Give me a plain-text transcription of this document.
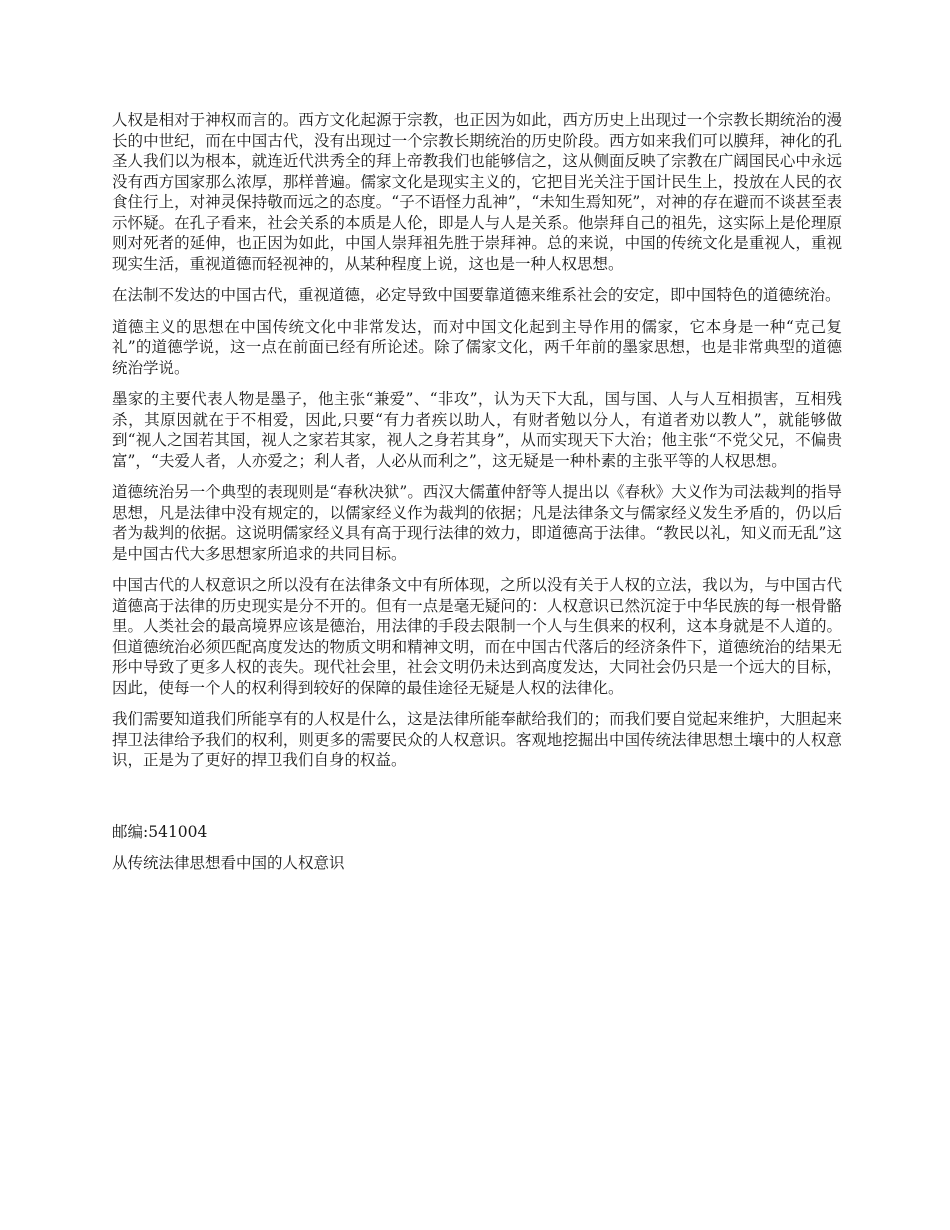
人权是相对于神权而言的。西方文化起源于宗教，也正因为如此，西方历史上出现过一个宗教长期统治的漫长的中世纪，而在中国古代，没有出现过一个宗教长期统治的历史阶段。西方如来我们可以膜拜，神化的孔圣人我们以为根本，就连近代洪秀全的拜上帝教我们也能够信之，这从侧面反映了宗教在广阔国民心中永远没有西方国家那么浓厚，那样普遍。儒家文化是现实主义的，它把目光关注于国计民生上，投放在人民的衣食住行上，对神灵保持敬而远之的态度。“子不语怪力乱神”，“未知生焉知死”，对神的存在避而不谈甚至表示怀疑。在孔子看来，社会关系的本质是人伦，即是人与人是关系。他崇拜自己的祖先，这实际上是伦理原则对死者的延伸，也正因为如此，中国人崇拜祖先胜于崇拜神。总的来说，中国的传统文化是重视人，重视现实生活，重视道德而轻视神的，从某种程度上说，这也是一种人权思想。

在法制不发达的中国古代，重视道德，必定导致中国要靠道德来维系社会的安定，即中国特色的道德统治。

道德主义的思想在中国传统文化中非常发达，而对中国文化起到主导作用的儒家，它本身是一种“克己复礼”的道德学说，这一点在前面已经有所论述。除了儒家文化，两千年前的墨家思想，也是非常典型的道德统治学说。

墨家的主要代表人物是墨子，他主张“兼爱”、“非攻”，认为天下大乱，国与国、人与人互相损害，互相残杀，其原因就在于不相爱，因此,只要“有力者疾以助人，有财者勉以分人，有道者劝以教人”，就能够做到“视人之国若其国，视人之家若其家，视人之身若其身”，从而实现天下大治；他主张“不党父兄，不偏贵富”，“夫爱人者，人亦爱之；利人者，人必从而利之”，这无疑是一种朴素的主张平等的人权思想。

道德统治另一个典型的表现则是“春秋决狱”。西汉大儒董仲舒等人提出以《春秋》大义作为司法裁判的指导思想，凡是法律中没有规定的，以儒家经义作为裁判的依据；凡是法律条文与儒家经义发生矛盾的，仍以后者为裁判的依据。这说明儒家经义具有高于现行法律的效力，即道德高于法律。“教民以礼，知义而无乱”这是中国古代大多思想家所追求的共同目标。

中国古代的人权意识之所以没有在法律条文中有所体现，之所以没有关于人权的立法，我以为，与中国古代道德高于法律的历史现实是分不开的。但有一点是毫无疑问的：人权意识已然沉淀于中华民族的每一根骨骼里。人类社会的最高境界应该是德治，用法律的手段去限制一个人与生俱来的权利，这本身就是不人道的。但道德统治必须匹配高度发达的物质文明和精神文明，而在中国古代落后的经济条件下，道德统治的结果无形中导致了更多人权的丧失。现代社会里，社会文明仍未达到高度发达，大同社会仍只是一个远大的目标，因此，使每一个人的权利得到较好的保障的最佳途径无疑是人权的法律化。

我们需要知道我们所能享有的人权是什么，这是法律所能奉献给我们的；而我们要自觉起来维护，大胆起来捍卫法律给予我们的权利，则更多的需要民众的人权意识。客观地挖掘出中国传统法律思想土壤中的人权意识，正是为了更好的捍卫我们自身的权益。

邮编:541004

从传统法律思想看中国的人权意识
